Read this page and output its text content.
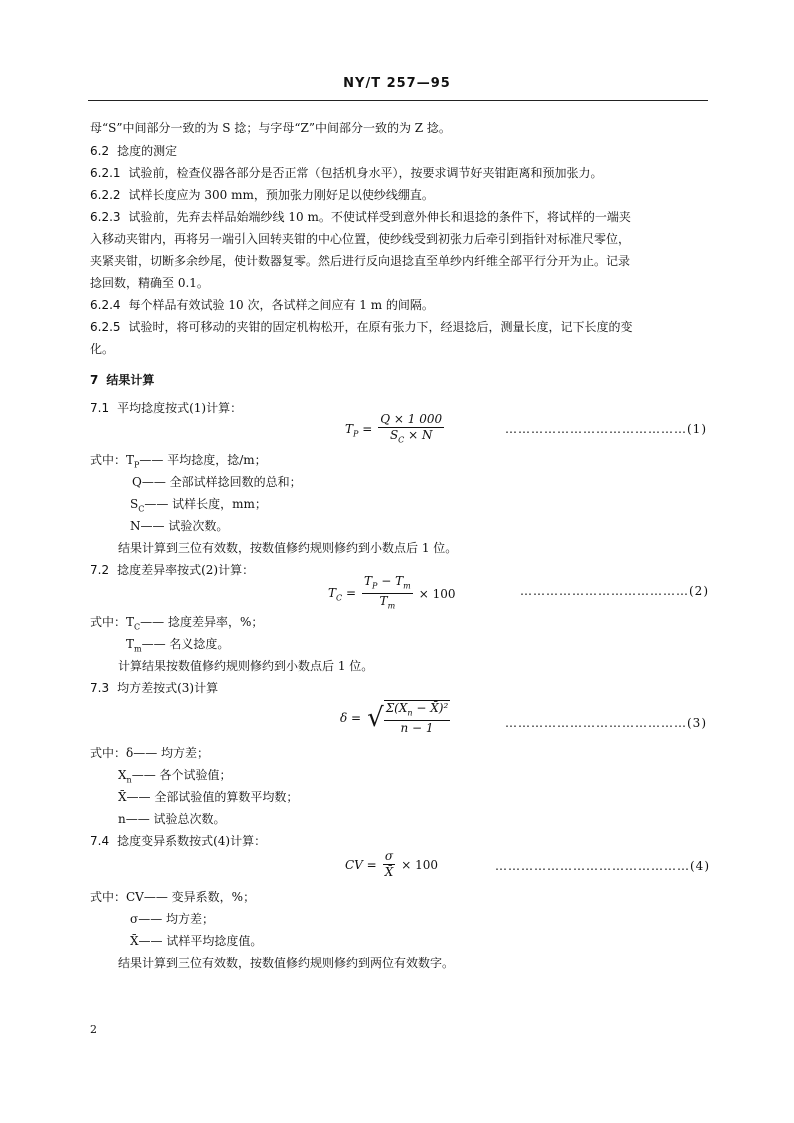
NY/T 257—95
母“S”中间部分一致的为 S 捻；与字母“Z”中间部分一致的为 Z 捻。
6.2 捻度的测定
6.2.1 试验前，检查仪器各部分是否正常（包括机身水平），按要求调节好夹钳距离和预加张力。
6.2.2 试样长度应为 300 mm，预加张力刚好足以使纱线绷直。
6.2.3 试验前，先弃去样品始端纱线 10 m。不使试样受到意外伸长和退捻的条件下，将试样的一端夹
入移动夹钳内，再将另一端引入回转夹钳的中心位置，使纱线受到初张力后牵引到指针对标准尺零位，
夹紧夹钳，切断多余纱尾，使计数器复零。然后进行反向退捻直至单纱内纤维全部平行分开为止。记录
捻回数，精确至 0.1。
6.2.4 每个样品有效试验 10 次，各试样之间应有 1 m 的间隔。
6.2.5 试验时，将可移动的夹钳的固定机构松开，在原有张力下，经退捻后，测量长度，记下长度的变
化。
7 结果计算
7.1 平均捻度按式(1)计算：
$T_P = \frac{Q \times 1 000}{S_C \times N}$	……………………………………(1)
式中：$T_P——$ 平均捻度，捻/m；
Q—— 全部试样捻回数的总和；
$S_C——$ 试样长度，mm；
N—— 试验次数。
结果计算到三位有效数，按数值修约规则修约到小数点后 1 位。
7.2 捻度差异率按式(2)计算：
$T_C = \frac{T_P - T_m}{T_m} \times 100$	…………………………………(2)
式中：$T_C——$ 捻度差异率，%；
$T_m——$ 名义捻度。
计算结果按数值修约规则修约到小数点后 1 位。
7.3 均方差按式(3)计算
δ = √ $\frac{\Sigma(X_n - X̄)^2}{n - 1}$	……………………………………(3)
式中：δ—— 均方差；
$X_n——$ 各个试验值；
X̄—— 全部试验值的算数平均数；
n—— 试验总次数。
7.4 捻度变异系数按式(4)计算：
CV = $\frac{\sigma}{X̄} \times 100$	………………………………………(4)
式中：CV—— 变异系数，%；
σ—— 均方差；
X̄—— 试样平均捻度值。
结果计算到三位有效数，按数值修约规则修约到两位有效数字。
2
